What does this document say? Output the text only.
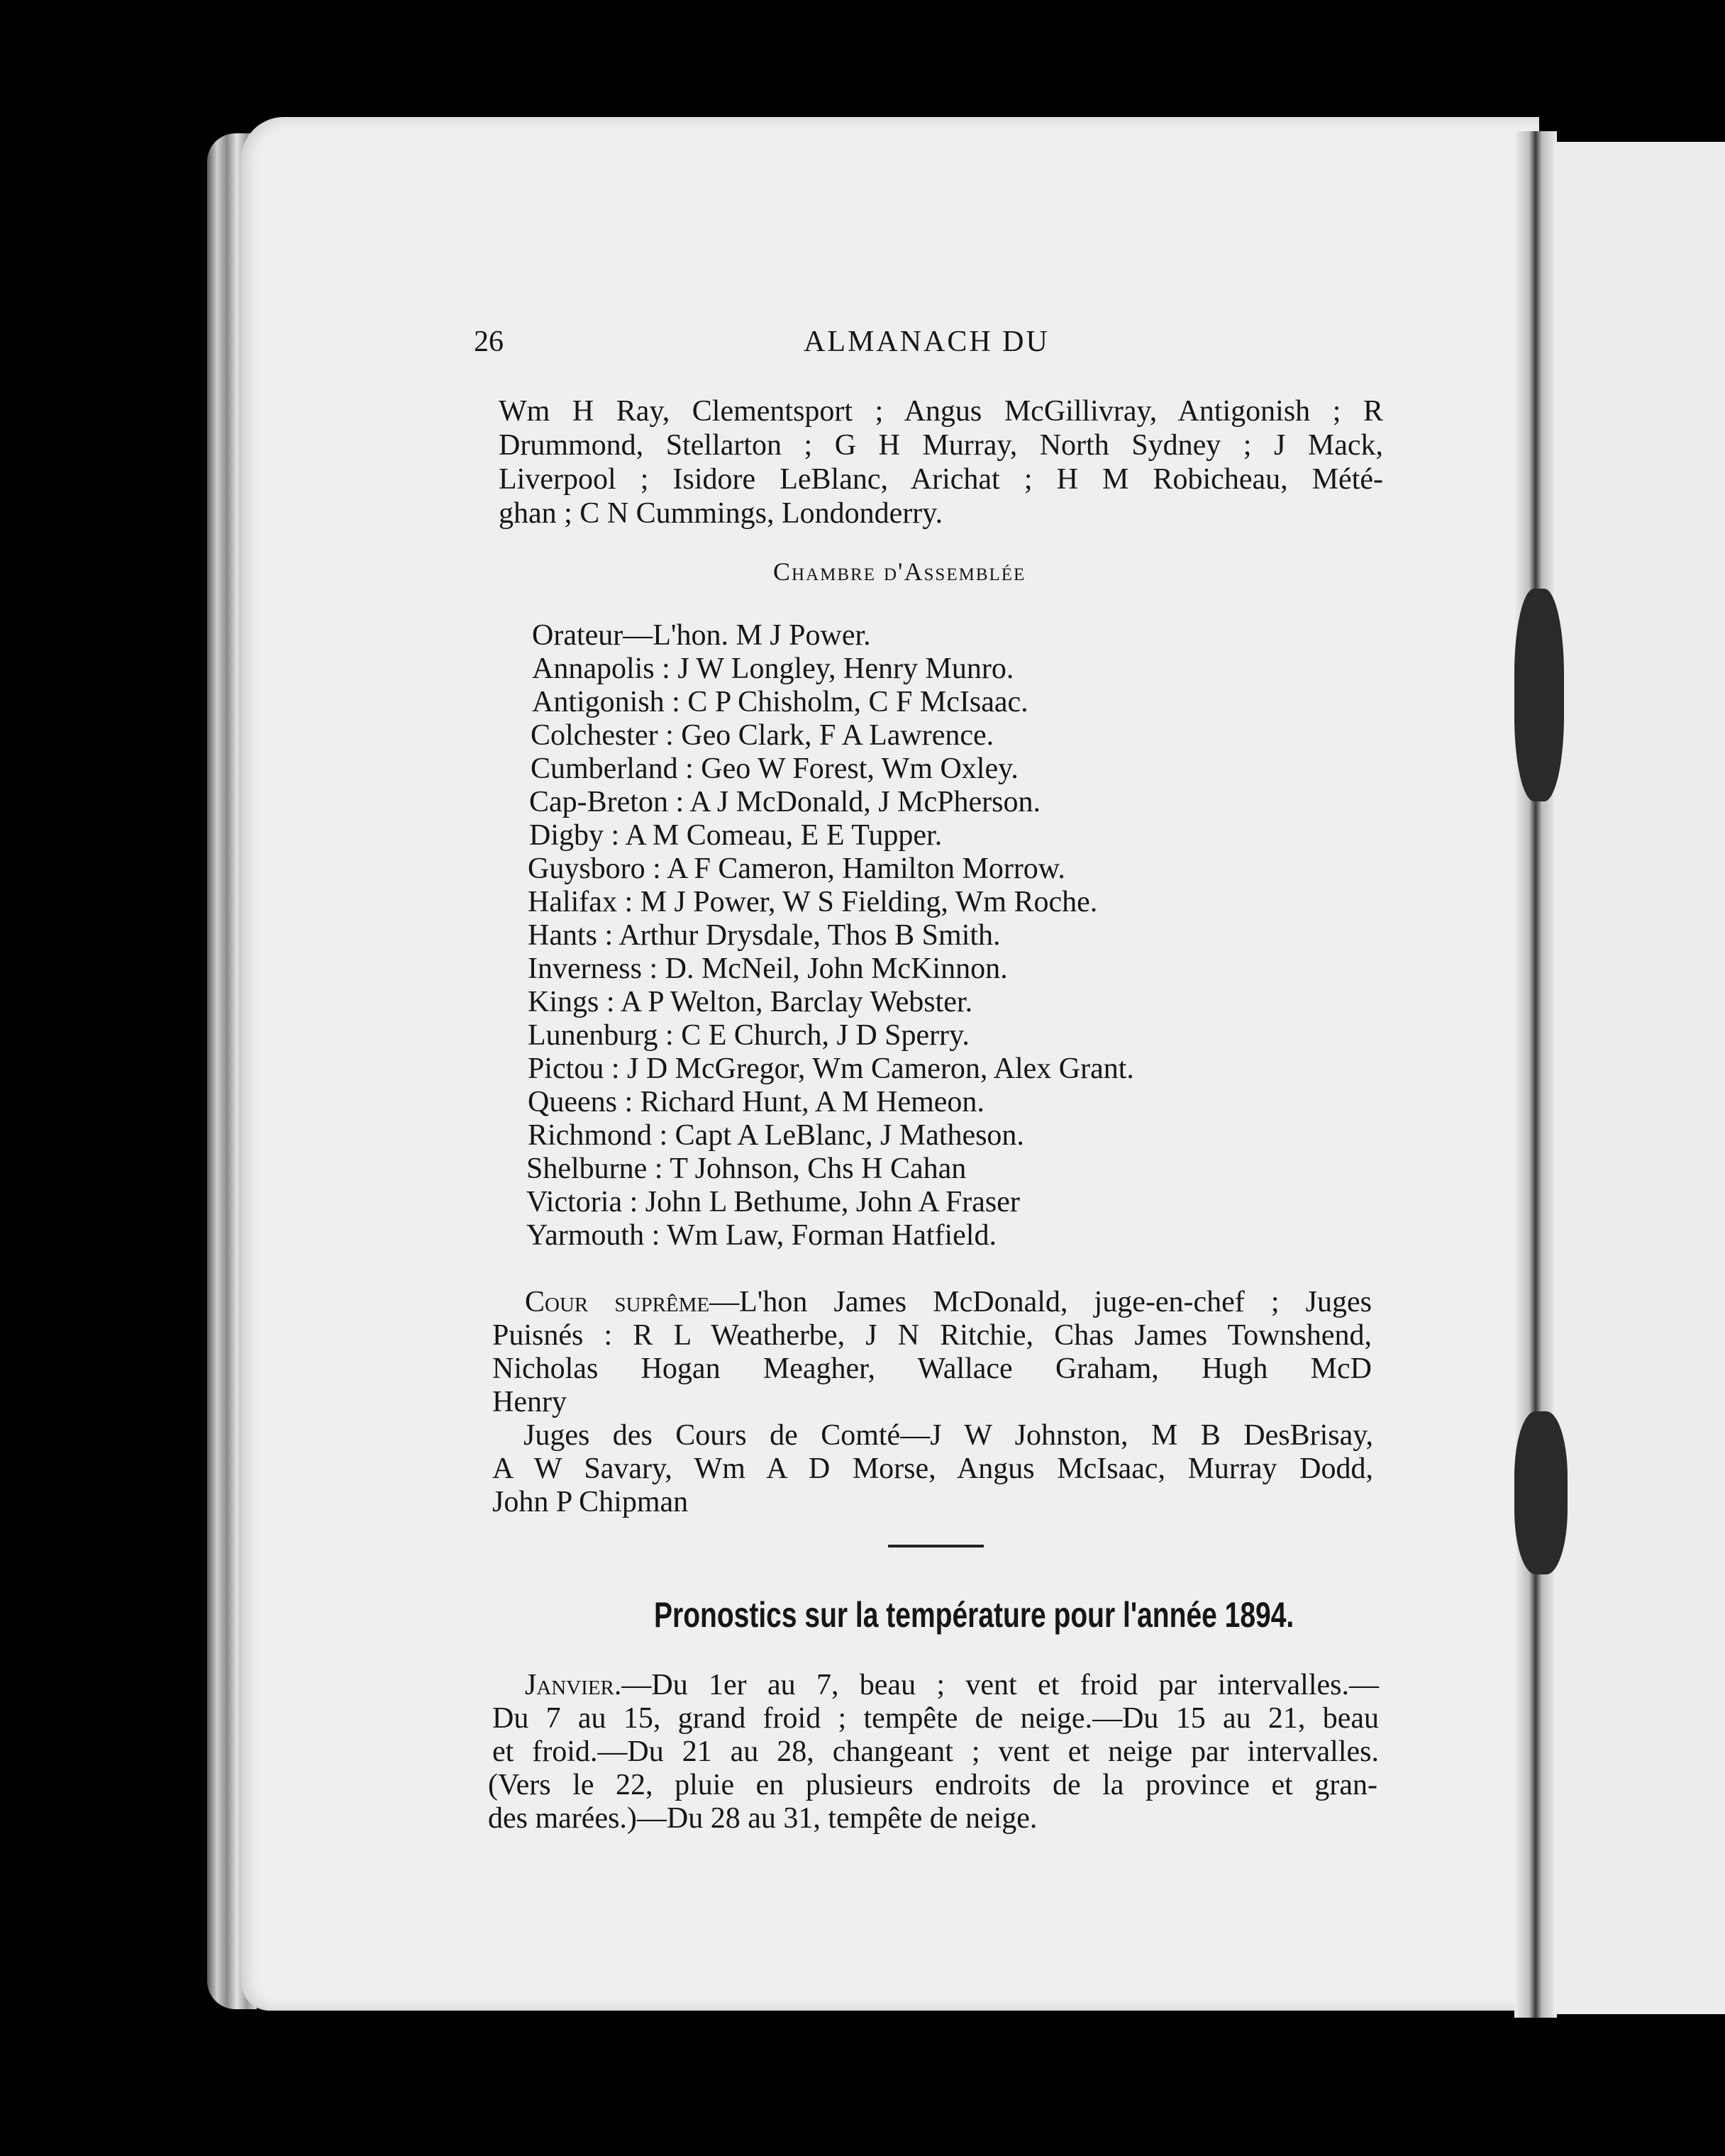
26	ALMANACH DU
Wm H Ray, Clementsport ; Angus McGillivray, Antigonish ; R
Drummond, Stellarton ; G H Murray, North Sydney ; J Mack,
Liverpool ; Isidore LeBlanc, Arichat ; H M Robicheau, Mété-
ghan ; C N Cummings, Londonderry.
Chambre d'Assemblée
Orateur—L'hon. M J Power.
Annapolis : J W Longley, Henry Munro.
Antigonish : C P Chisholm, C F McIsaac.
Colchester : Geo Clark, F A Lawrence.
Cumberland : Geo W Forest, Wm Oxley.
Cap-Breton : A J McDonald, J McPherson.
Digby : A M Comeau, E E Tupper.
Guysboro : A F Cameron, Hamilton Morrow.
Halifax : M J Power, W S Fielding, Wm Roche.
Hants : Arthur Drysdale, Thos B Smith.
Inverness : D. McNeil, John McKinnon.
Kings : A P Welton, Barclay Webster.
Lunenburg : C E Church, J D Sperry.
Pictou : J D McGregor, Wm Cameron, Alex Grant.
Queens : Richard Hunt, A M Hemeon.
Richmond : Capt A LeBlanc, J Matheson.
Shelburne : T Johnson, Chs H Cahan
Victoria : John L Bethume, John A Fraser
Yarmouth : Wm Law, Forman Hatfield.
Cour suprême—L'hon James McDonald, juge-en-chef ; Juges
Puisnés : R L Weatherbe, J N Ritchie, Chas James Townshend,
Nicholas Hogan Meagher, Wallace Graham, Hugh McD
Henry
Juges des Cours de Comté—J W Johnston, M B DesBrisay,
A W Savary, Wm A D Morse, Angus McIsaac, Murray Dodd,
John P Chipman
Pronostics sur la température pour l'année 1894.
Janvier.—Du 1er au 7, beau ; vent et froid par intervalles.—
Du 7 au 15, grand froid ; tempête de neige.—Du 15 au 21, beau
et froid.—Du 21 au 28, changeant ; vent et neige par intervalles.
(Vers le 22, pluie en plusieurs endroits de la province et gran-
des marées.)—Du 28 au 31, tempête de neige.
